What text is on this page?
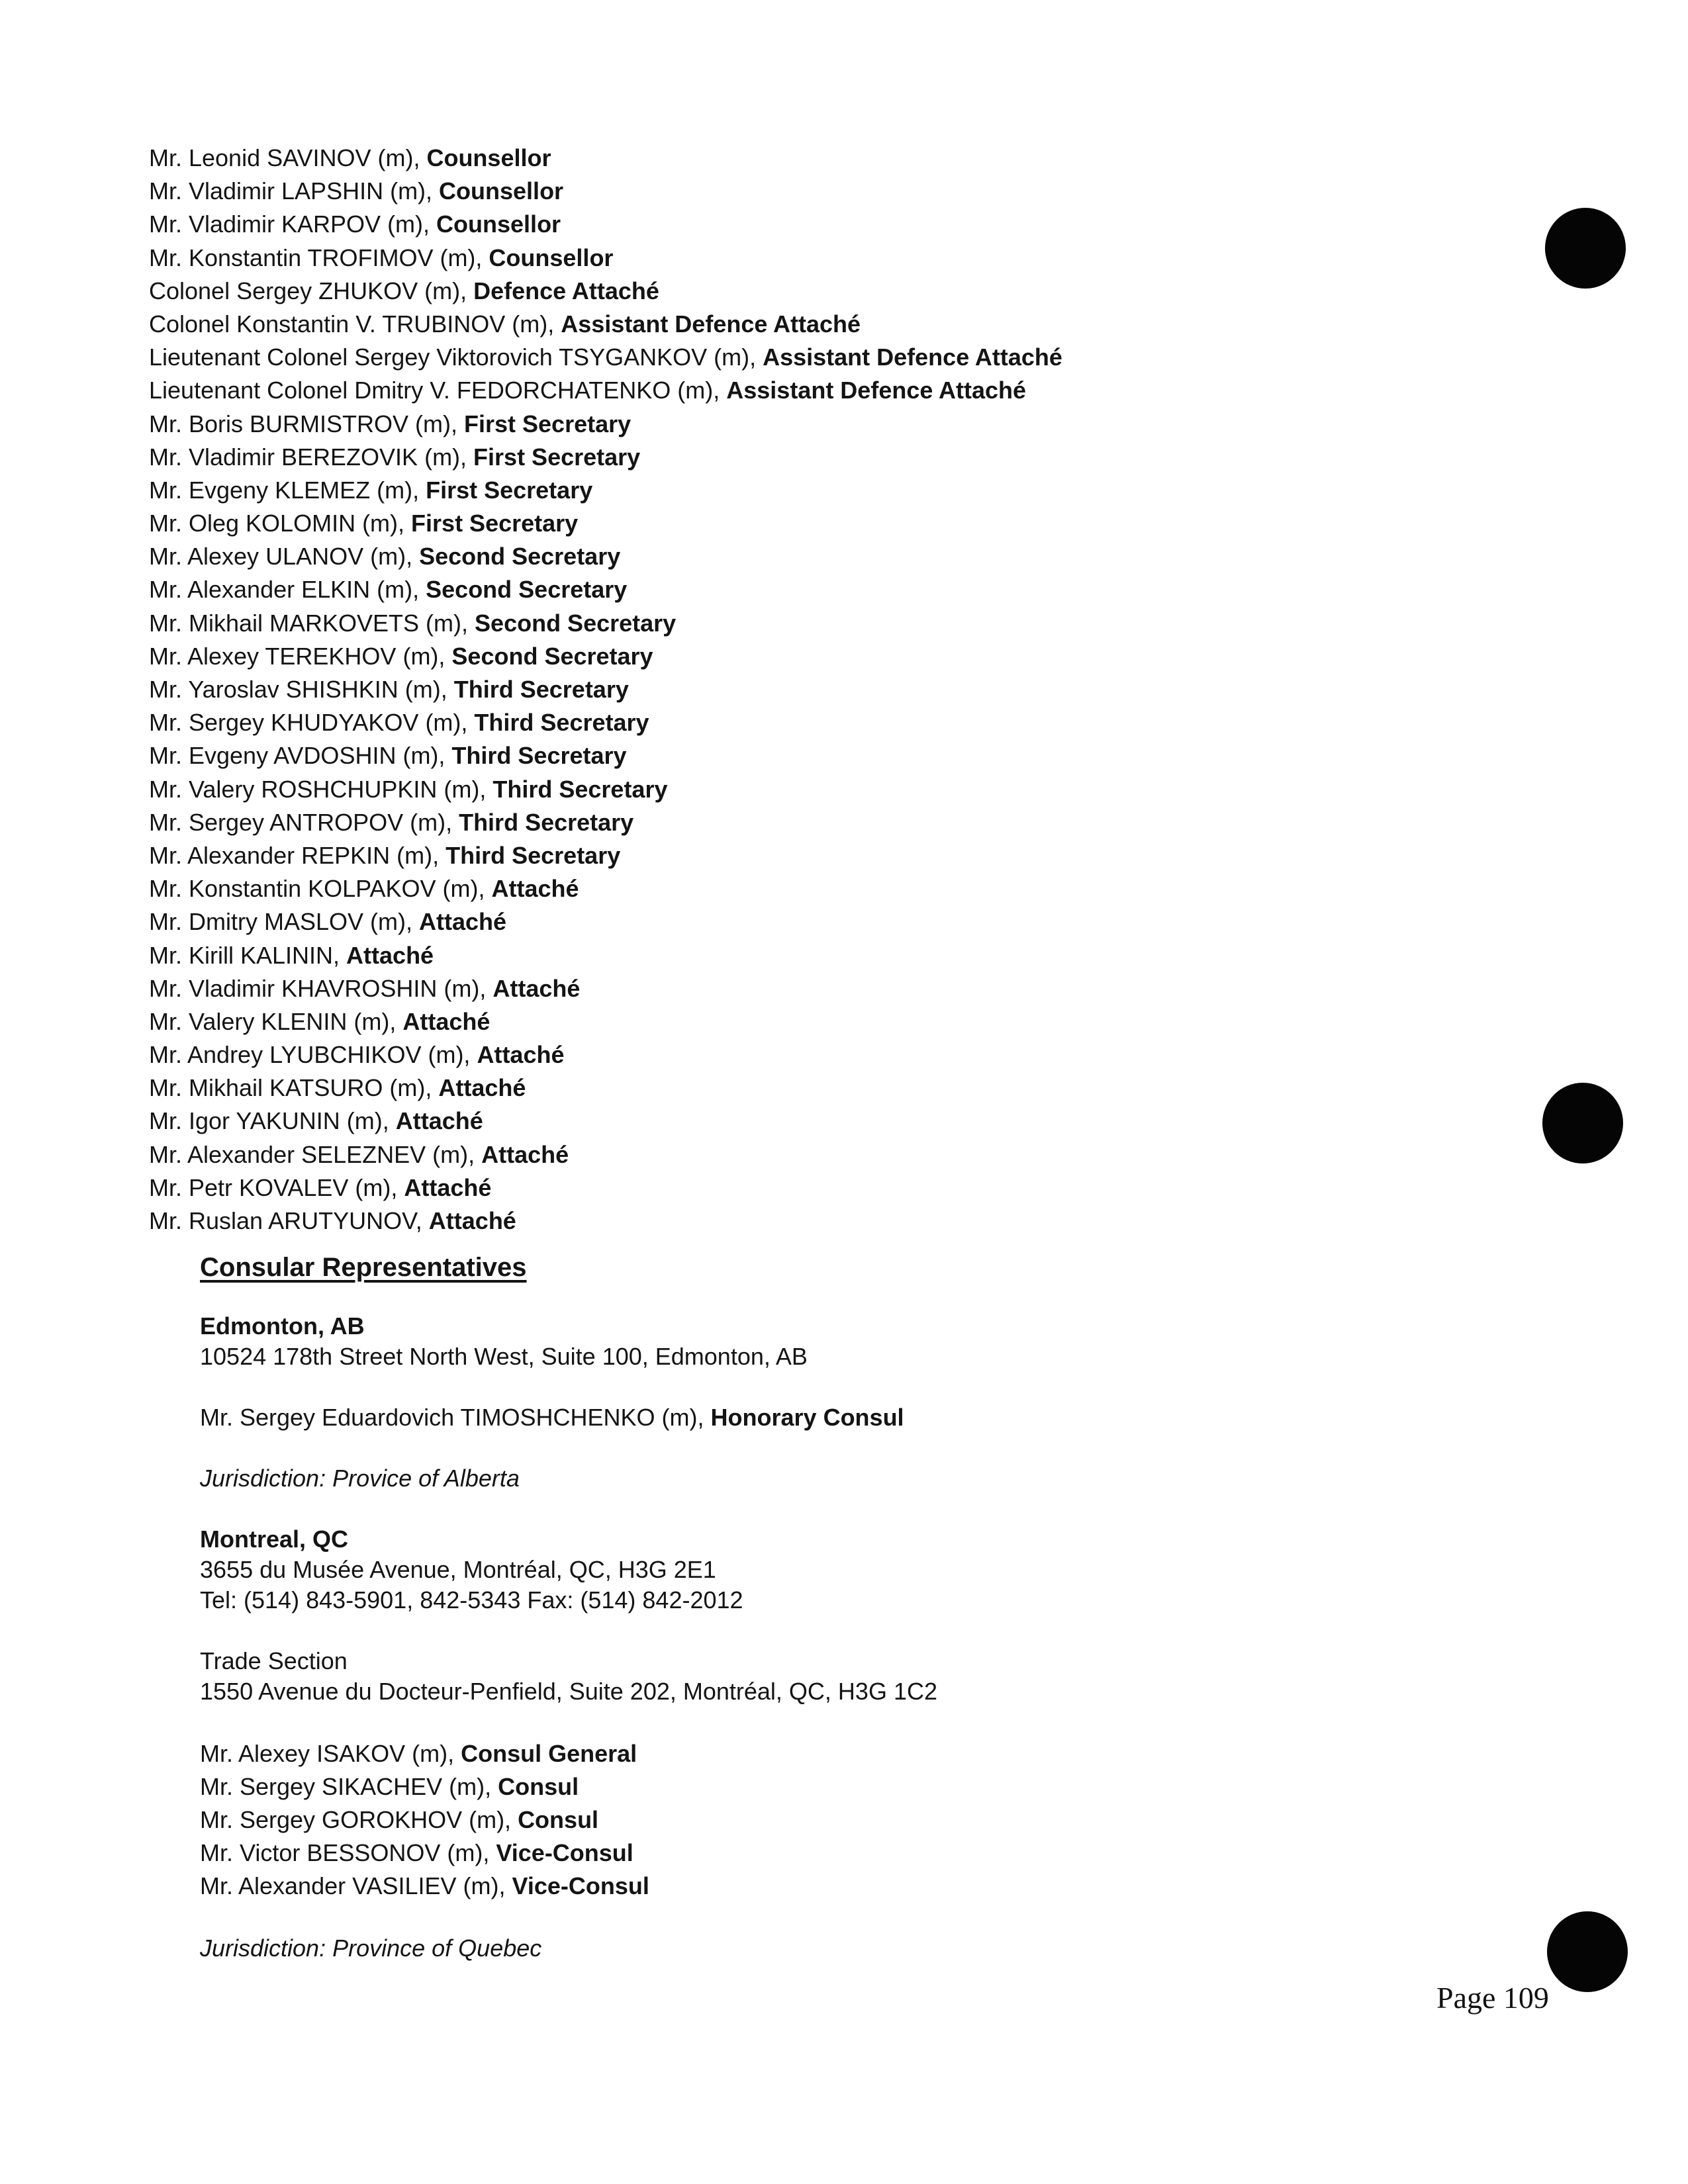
Mr. Leonid SAVINOV (m), Counsellor
Mr. Vladimir LAPSHIN (m), Counsellor
Mr. Vladimir KARPOV (m), Counsellor
Mr. Konstantin TROFIMOV (m), Counsellor
Colonel Sergey ZHUKOV (m), Defence Attaché
Colonel Konstantin V. TRUBINOV (m), Assistant Defence Attaché
Lieutenant Colonel Sergey Viktorovich TSYGANKOV (m), Assistant Defence Attaché
Lieutenant Colonel Dmitry V. FEDORCHATENKO (m), Assistant Defence Attaché
Mr. Boris BURMISTROV (m), First Secretary
Mr. Vladimir BEREZOVIK (m), First Secretary
Mr. Evgeny KLEMEZ (m), First Secretary
Mr. Oleg KOLOMIN (m), First Secretary
Mr. Alexey ULANOV (m), Second Secretary
Mr. Alexander ELKIN (m), Second Secretary
Mr. Mikhail MARKOVETS (m), Second Secretary
Mr. Alexey TEREKHOV (m), Second Secretary
Mr. Yaroslav SHISHKIN (m), Third Secretary
Mr. Sergey KHUDYAKOV (m), Third Secretary
Mr. Evgeny AVDOSHIN (m), Third Secretary
Mr. Valery ROSHCHUPKIN (m), Third Secretary
Mr. Sergey ANTROPOV (m), Third Secretary
Mr. Alexander REPKIN (m), Third Secretary
Mr. Konstantin KOLPAKOV (m), Attaché
Mr. Dmitry MASLOV (m), Attaché
Mr. Kirill KALININ, Attaché
Mr. Vladimir KHAVROSHIN (m), Attaché
Mr. Valery KLENIN (m), Attaché
Mr. Andrey LYUBCHIKOV (m), Attaché
Mr. Mikhail KATSURO (m), Attaché
Mr. Igor YAKUNIN (m), Attaché
Mr. Alexander SELEZNEV (m), Attaché
Mr. Petr KOVALEV (m), Attaché
Mr. Ruslan ARUTYUNOV, Attaché
Consular Representatives
Edmonton, AB
10524 178th Street North West, Suite 100, Edmonton, AB
Mr. Sergey Eduardovich TIMOSHCHENKO (m), Honorary Consul
Jurisdiction: Provice of Alberta
Montreal, QC
3655 du Musée Avenue, Montréal, QC, H3G 2E1
Tel: (514) 843-5901, 842-5343 Fax: (514) 842-2012
Trade Section
1550 Avenue du Docteur-Penfield, Suite 202, Montréal, QC, H3G 1C2
Mr. Alexey ISAKOV (m), Consul General
Mr. Sergey SIKACHEV (m), Consul
Mr. Sergey GOROKHOV (m), Consul
Mr. Victor BESSONOV (m), Vice-Consul
Mr. Alexander VASILIEV (m), Vice-Consul
Jurisdiction: Province of Quebec
Page 109
